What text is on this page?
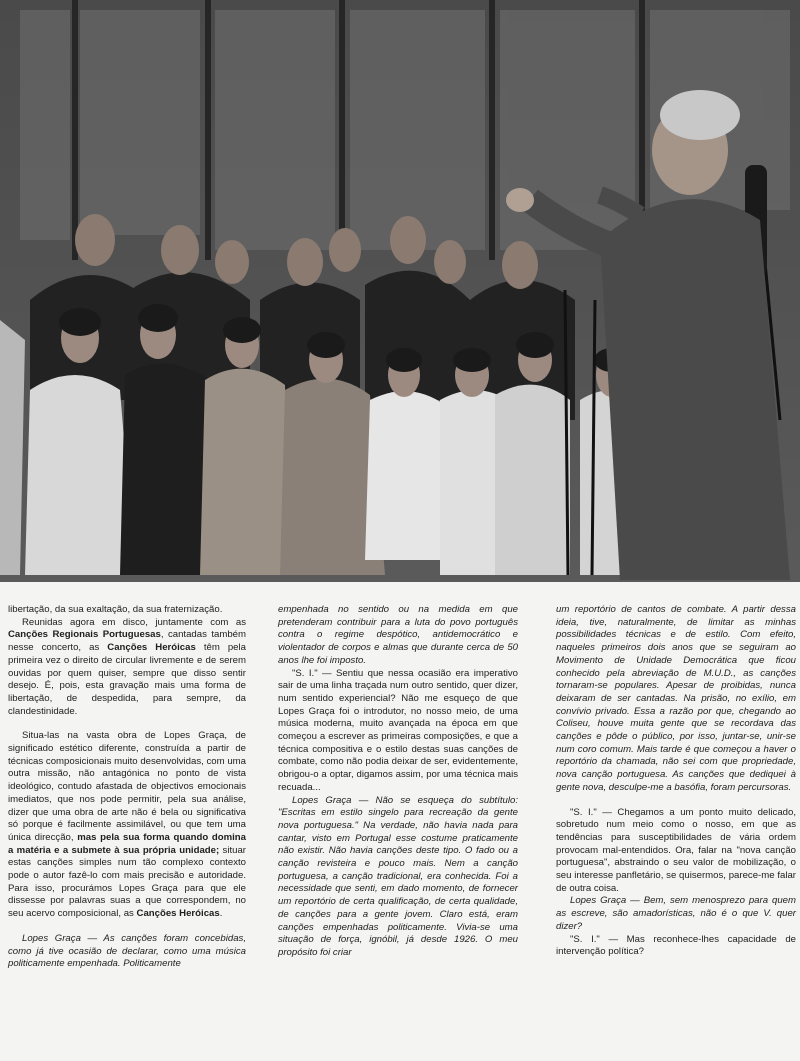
libertação, da sua exaltação, da sua fraternização.

Reunidas agora em disco, juntamente com as Canções Regionais Portuguesas, cantadas também nesse concerto, as Canções Heróicas têm pela primeira vez o direito de circular livremente e de serem ouvidas por quem quiser, sempre que disso sentir desejo. É, pois, esta gravação mais uma forma de libertação, de despedida, para sempre, da clandestinidade.

Situa-las na vasta obra de Lopes Graça, de significado estético diferente, construída a partir de técnicas composicionais muito desenvolvidas, com uma outra missão, não antagónica no ponto de vista ideológico, contudo afastada de objectivos emocionais imediatos, que nos pode permitir, pela sua análise, dizer que uma obra de arte não é bela ou significativa só porque é facilmente assimilável, ou que tem uma única direcção, mas pela sua forma quando domina a matéria e a submete à sua própria unidade; situar estas canções simples num tão complexo contexto pode o autor fazê-lo com mais precisão e autoridade. Para isso, procurámos Lopes Graça para que ele dissesse por palavras suas a que correspondem, no seu acervo composicional, as Canções Heróicas.

Lopes Graça — As canções foram concebidas, como já tive ocasião de declarar, como uma música politicamente empenhada. Politicamente

empenhada no sentido ou na medida em que pretenderam contribuir para a luta do povo português contra o regime despótico, antidemocrático e violentador de corpos e almas que durante cerca de 50 anos lhe foi imposto.

"S. I." — Sentiu que nessa ocasião era imperativo sair de uma linha traçada num outro sentido, quer dizer, num sentido experiencial? Não me esqueço de que Lopes Graça foi o introdutor, no nosso meio, de uma música moderna, muito avançada na época em que começou a escrever as primeiras composições, e que a técnica compositiva e o estilo destas suas canções de combate, como não podia deixar de ser, evidentemente, obrigou-o a optar, digamos assim, por uma técnica mais recuada...

Lopes Graça — Não se esqueça do subtítulo: "Escritas em estilo singelo para recreação da gente nova portuguesa." Na verdade, não havia nada para cantar, visto em Portugal esse costume praticamente não existir. Não havia canções deste tipo. O fado ou a canção revisteira e pouco mais. Nem a canção portuguesa, a canção tradicional, era conhecida. Foi a necessidade que senti, em dado momento, de fornecer um reportório de certa qualificação, de certa qualidade, de canções para a gente jovem. Claro está, eram canções empenhadas politicamente. Vivia-se uma situação de força, ignóbil, já desde 1926. O meu propósito foi criar

um reportório de cantos de combate. A partir dessa ideia, tive, naturalmente, de limitar as minhas possibilidades técnicas e de estilo. Com efeito, naqueles primeiros dois anos que se seguiram ao Movimento de Unidade Democrática que ficou conhecido pela abreviação de M.U.D., as canções tornaram-se populares. Apesar de proibidas, nunca deixaram de ser cantadas. Na prisão, no exílio, em convívio privado. Essa a razão por que, chegando ao Coliseu, houve muita gente que se recordava das canções e pôde o público, por isso, juntar-se, unir-se num coro comum. Mais tarde é que começou a haver o reportório da chamada, não sei com que propriedade, nova canção portuguesa. As canções que dediquei à gente nova, desculpe-me a basófia, foram percursoras.

"S. I." — Chegamos a um ponto muito delicado, sobretudo num meio como o nosso, em que as tendências para susceptibilidades de vária ordem provocam mal-entendidos. Ora, falar na "nova canção portuguesa", abstraindo o seu valor de mobilização, o seu interesse panfletário, se quisermos, parece-me falar de outra coisa.

Lopes Graça — Bem, sem menosprezo para quem as escreve, são amadorísticas, não é o que V. quer dizer?

"S. I." — Mas reconhece-lhes capacidade de intervenção política?
